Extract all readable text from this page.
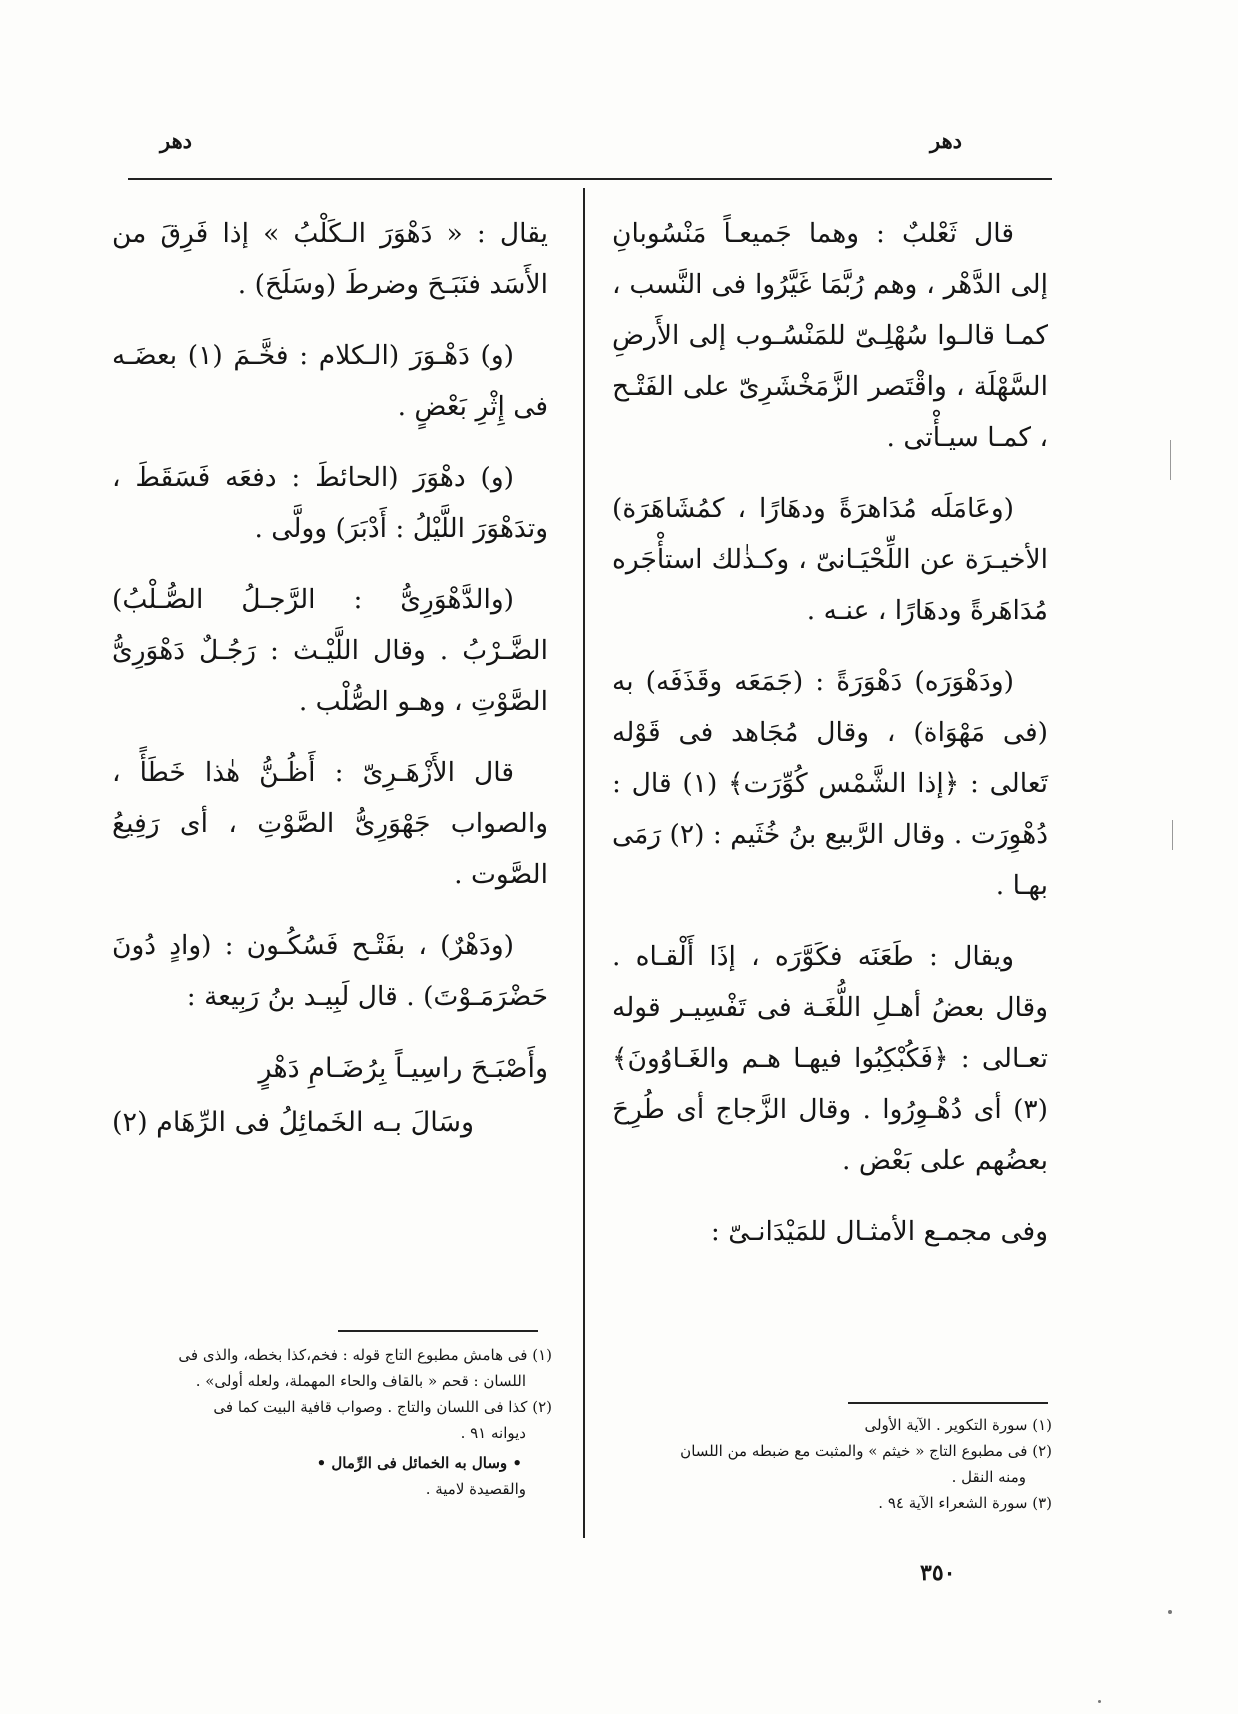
دهر
دهر

قال ثَعْلبٌ : وهما جَميعـاً مَنْسُوبانِ إلى الدَّهْر ، وهم رُبَّمَا غَيَّرُوا فى النَّسب ، كمـا قالـوا سُهْلِـىّ للمَنْسُـوب إلى الأَرضِ السَّهْلَة ، واقْتَصر الزَّمَخْشَرِىّ على الفَتْـح ، كمـا سيـأْتى .

(وعَامَلَه مُدَاهرَةً ودهَارًا ، كمُشَاهَرَة) الأخيـرَة عن اللِّحْيَـانىّ ، وكـذٰلك استأْجَره مُدَاهَرةً ودهَارًا ، عنـه .

(ودَهْوَرَه) دَهْوَرَةً : (جَمَعَه وقَذَفَه) به (فى مَهْوَاة) ، وقال مُجَاهد فى قَوْله تَعالى : ﴿إذا الشَّمْس كُوِّرَت﴾ (١) قال : دُهْوِرَت . وقال الرَّبيع بنُ خُثَيم : (٢) رَمَى بهـا .

ويقال : طَعَنَه فكَوَّرَه ، إذَا أَلْقـاه . وقال بعضُ أهـلِ اللُّغَـة فى تَفْسِيـر قوله تعـالى : ﴿فَكُبْكِبُوا فيهـا هـم والغَـاوُونَ﴾ (٣) أى دُهْـوِرُوا . وقال الزَّجاج أى طُرِحَ بعضُهم على بَعْض .

وفى مجمـع الأمثـال للمَيْدَانـىّ :

يقال : « دَهْوَرَ الـكَلْبُ » إذا فَرِقَ من الأَسَد فنَبَـحَ وضرطَ (وسَلَحَ) .

(و) دَهْـوَرَ (الـكلام : فخَّـمَ (١) بعضَـه فى إِثْرِ بَعْضٍ .

(و) دهْوَرَ (الحائطَ : دفعَه فَسَقَطَ ، وتدَهْوَرَ اللَّيْلُ : أَدْبَرَ) وولَّى .

(والدَّهْوَرِىُّ : الرَّجـلُ الصُّـلْبُ) الضَّـرْبُ . وقال اللَّيْـث : رَجُـلٌ دَهْوَرِىُّ الصَّوْتِ ، وهـو الصُّلْب .

قال الأَزْهَـرِىّ : أَظُـنُّ هٰذا خَطَأً ، والصواب جَهْوَرِىُّ الصَّوْتِ ، أى رَفِيعُ الصَّوت .

(ودَهْرٌ) ، بفَتْـح فَسُكُـون : (وادٍ دُونَ حَضْرَمَـوْتَ) . قال لَبِيـد بنُ رَبِيعة :

وأَصْبَـحَ راسِيـاً بِرُضَـامِ دَهْرٍ
وسَالَ بـه الخَمائِلُ فى الرِّهَام (٢)
(١) سورة التكوير . الآية الأولى
(٢) فى مطبوع التاج « خيثم » والمثبت مع ضبطه من اللسان
ومنه النقل .
(٣) سورة الشعراء الآية ٩٤ .
(١) فى هامش مطبوع التاج قوله : فخم،كذا بخطه، والذى فى
اللسان : قحم « بالقاف والحاء المهملة، ولعله أولى» .
(٢) كذا فى اللسان والتاج . وصواب قافية البيت كما فى
ديوانه ٩١ .
• وسال به الخمائل فى الرِّمال •
والقصيدة لامية .
٣٥٠
